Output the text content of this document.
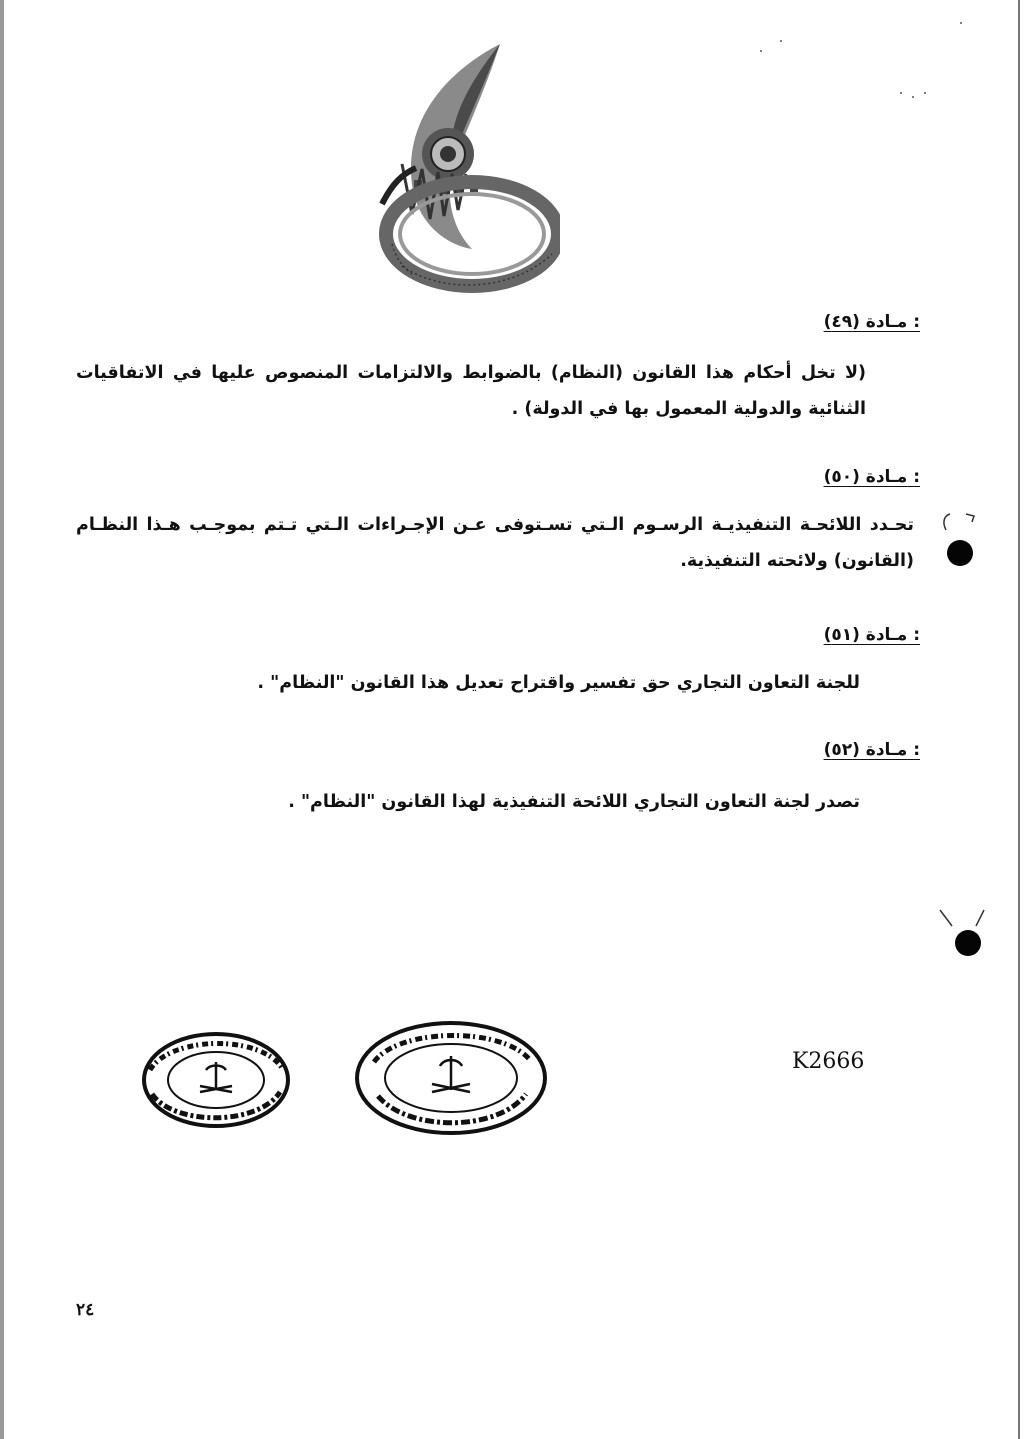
مـادة (٤٩) :
(لا تخل أحكام هذا القانون (النظام) بالضوابط والالتزامات المنصوص عليها في الاتفاقيات الثنائية والدولية المعمول بها في الدولة) .
مـادة (٥٠) :
تحـدد اللائحـة التنفيذيـة الرسـوم الـتي تسـتوفى عـن الإجـراءات الـتي تـتم بموجـب هـذا النظـام (القانون) ولائحته التنفيذية.
مـادة (٥١) :
للجنة التعاون التجاري حق تفسير واقتراح تعديل هذا القانون "النظام" .
مـادة (٥٢) :
تصدر لجنة التعاون التجاري اللائحة التنفيذية لهذا القانون "النظام" .
K2666
٢٤
